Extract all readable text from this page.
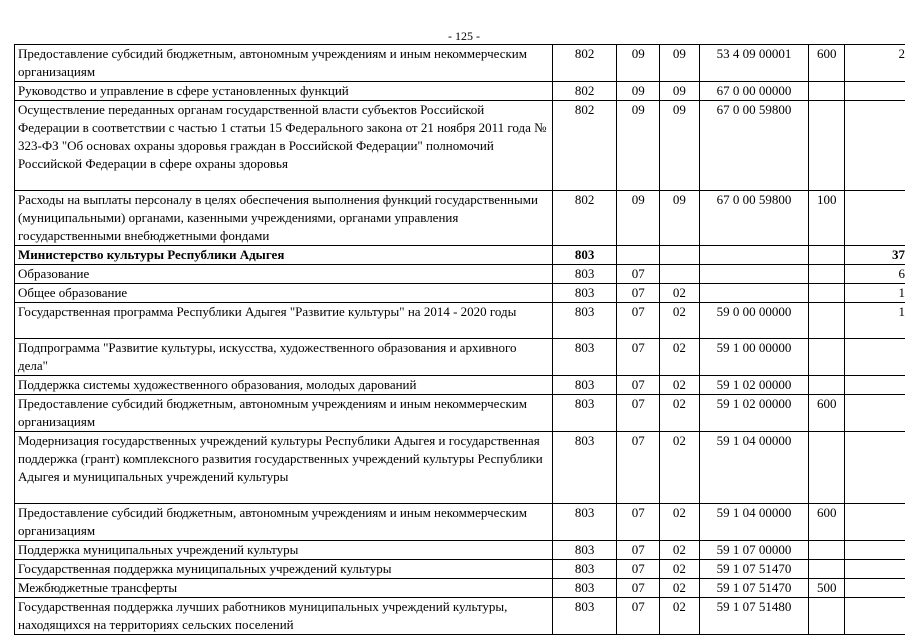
- 125 -
Предоставление субсидий бюджетным, автономным учреждениям и иным некоммерческим организациям	802	09	09	53 4 09 00001	600	2
Руководство и управление в сфере установленных функций	802	09	09	67 0 00 00000		
Осуществление переданных органам государственной власти субъектов Российской Федерации в соответствии с частью 1 статьи 15 Федерального закона от 21 ноября 2011 года № 323-ФЗ "Об основах охраны здоровья граждан в Российской Федерации" полномочий Российской Федерации в сфере охраны здоровья	802	09	09	67 0 00 59800		
Расходы на выплаты персоналу в целях обеспечения выполнения функций государственными (муниципальными) органами, казенными учреждениями, органами управления государственными внебюджетными фондами	802	09	09	67 0 00 59800	100	
Министерство культуры Республики Адыгея	803					37
Образование	803	07				6
Общее образование	803	07	02			1
Государственная программа Республики Адыгея "Развитие культуры" на 2014 - 2020 годы	803	07	02	59 0 00 00000		1
Подпрограмма "Развитие культуры, искусства, художественного образования и архивного дела"	803	07	02	59 1 00 00000		
Поддержка системы художественного образования, молодых дарований	803	07	02	59 1 02 00000		
Предоставление субсидий бюджетным, автономным учреждениям и иным некоммерческим организациям	803	07	02	59 1 02 00000	600	
Модернизация государственных учреждений культуры Республики Адыгея и государственная поддержка (грант) комплексного развития государственных учреждений культуры Республики Адыгея и муниципальных учреждений культуры	803	07	02	59 1 04 00000		
Предоставление субсидий бюджетным, автономным учреждениям и иным некоммерческим организациям	803	07	02	59 1 04 00000	600	
Поддержка муниципальных учреждений культуры	803	07	02	59 1 07 00000		
Государственная поддержка муниципальных учреждений культуры	803	07	02	59 1 07 51470		
Межбюджетные трансферты	803	07	02	59 1 07 51470	500	
Государственная поддержка лучших работников муниципальных учреждений культуры, находящихся на территориях сельских поселений	803	07	02	59 1 07 51480		
